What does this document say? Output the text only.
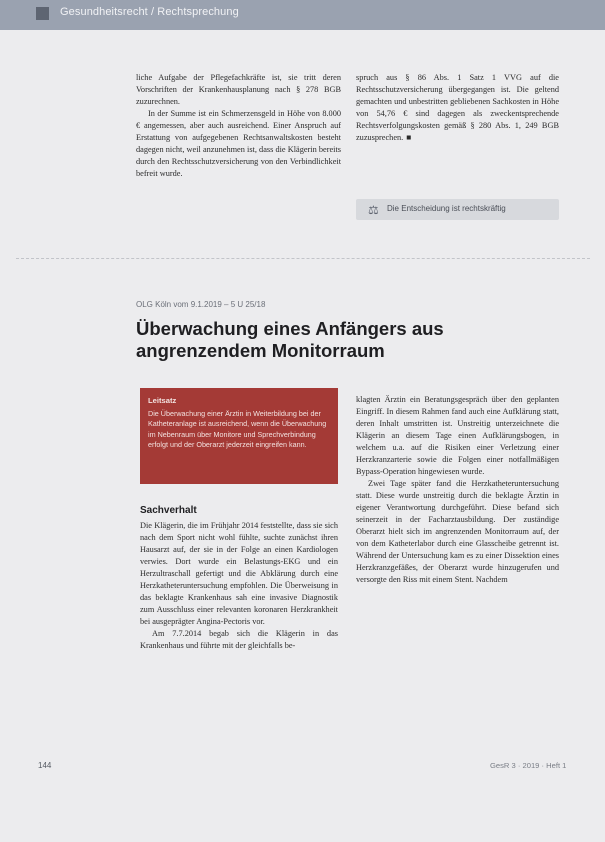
Gesundheitsrecht / Rechtsprechung

liche Aufgabe der Pflegefachkräfte ist, sie tritt deren Vorschriften der Krankenhausplanung nach § 278 BGB zuzurechnen.

In der Summe ist ein Schmerzensgeld in Höhe von 8.000 € angemessen, aber auch ausreichend. Einer Anspruch auf Erstattung von aufgegebenen Rechtsanwaltskosten besteht dagegen nicht, weil anzunehmen ist, dass die Klägerin bereits durch den Rechtsschutzversicherung von den Verbindlichkeit befreit wurde.

spruch aus § 86 Abs. 1 Satz 1 VVG auf die Rechtsschutzversicherung übergegangen ist. Die geltend gemachten und unbestritten gebliebenen Sachkosten in Höhe von 54,76 € sind dagegen als zweckentsprechende Rechtsverfolgungskosten gemäß § 280 Abs. 1, 249 BGB zuzusprechen. ■

⚖ Die Entscheidung ist rechtskräftig
OLG Köln vom 9.1.2019 – 5 U 25/18
Überwachung eines Anfängers aus angrenzendem Monitorraum
Leitsatz
Die Überwachung einer Ärztin in Weiterbildung bei der Katheteranlage ist ausreichend, wenn die Überwachung im Nebenraum über Monitore und Sprechverbindung erfolgt und der Oberarzt jederzeit eingreifen kann.
Sachverhalt

Die Klägerin, die im Frühjahr 2014 feststellte, dass sie sich nach dem Sport nicht wohl fühlte, suchte zunächst ihren Hausarzt auf, der sie in der Folge an einen Kardiologen verwies. Dort wurde ein Belastungs-EKG und ein Herzultraschall gefertigt und die Abklärung durch eine Herzkatheteruntersuchung empfohlen. Die Überweisung in das beklagte Krankenhaus sah eine invasive Diagnostik zum Ausschluss einer relevanten koronaren Herzkrankheit bei ausgeprägter Angina-Pectoris vor.

Am 7.7.2014 begab sich die Klägerin in das Krankenhaus und führte mit der gleichfalls be-

klagten Ärztin ein Beratungsgespräch über den geplanten Eingriff. In diesem Rahmen fand auch eine Aufklärung statt, deren Inhalt umstritten ist. Unstreitig unterzeichnete die Klägerin an diesem Tage einen Aufklärungsbogen, in welchem u.a. auf die Risiken einer Verletzung einer Herzkranzarterie sowie die Folgen einer notfallmäßigen Bypass-Operation hingewiesen wurde.

Zwei Tage später fand die Herzkatheteruntersuchung statt. Diese wurde unstreitig durch die beklagte Ärztin in eigener Verantwortung durchgeführt. Diese befand sich seinerzeit in der Facharztausbildung. Der zuständige Oberarzt hielt sich im angrenzenden Monitorraum auf, der von dem Katheterlabor durch eine Glasscheibe getrennt ist. Während der Untersuchung kam es zu einer Dissektion eines Herzkranzgefäßes, der Oberarzt wurde hinzugerufen und versorgte den Riss mit einem Stent. Nachdem

144	GesR 3 · 2019 · Heft 1
